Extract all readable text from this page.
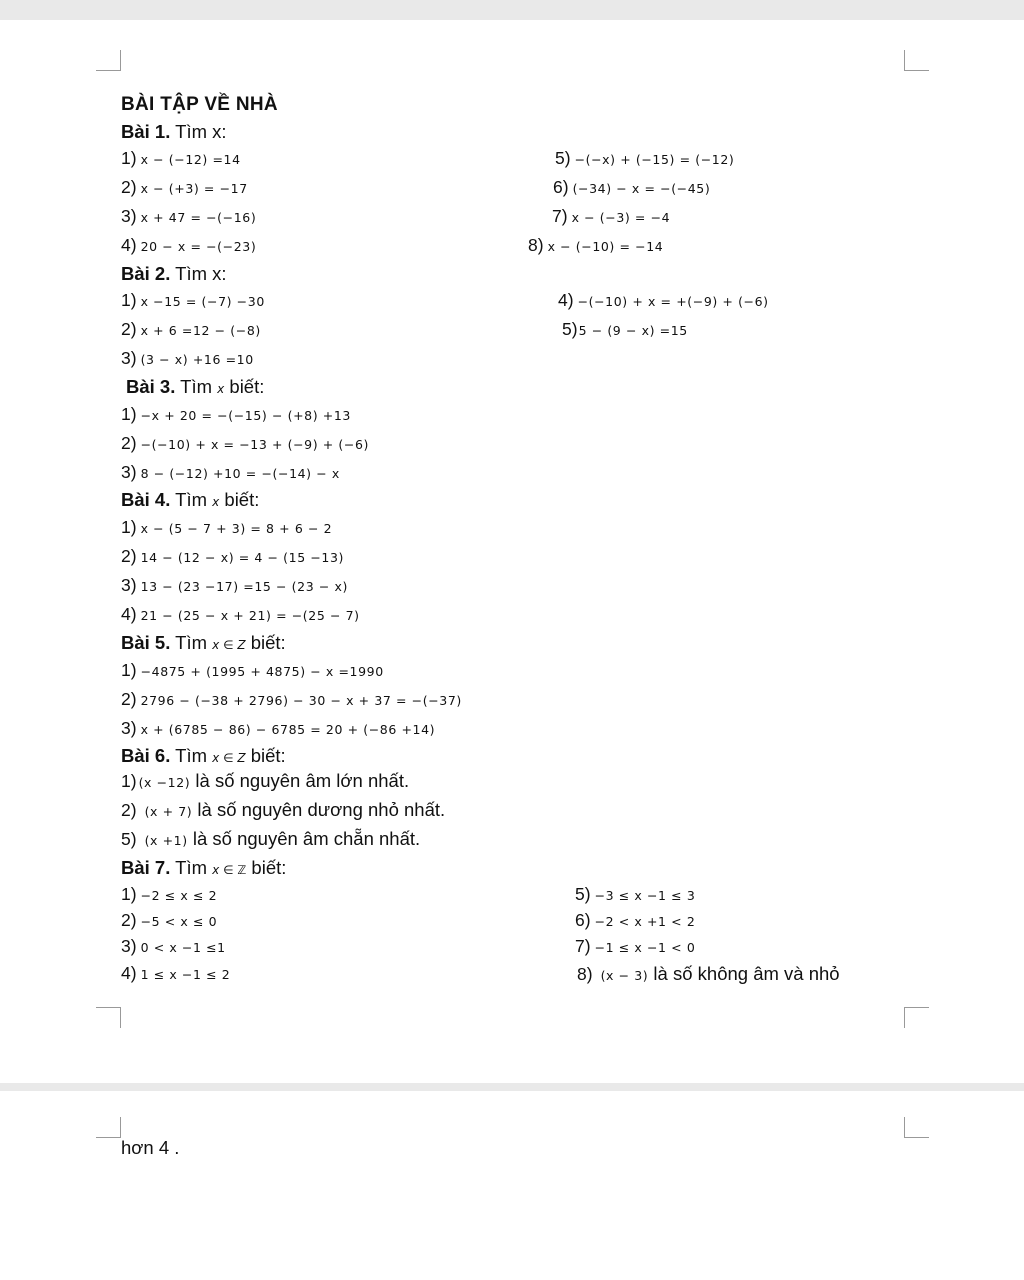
BÀI TẬP VỀ NHÀ
Bài 1. Tìm x:
1) x − (−12) =14
2) x − (+3) = −17
3) x + 47 = −(−16)
4) 20 − x = −(−23)
5) −(−x) + (−15) = (−12)
6) (−34) − x = −(−45)
7) x − (−3) = −4
8) x − (−10) = −14
Bài 2. Tìm x:
1) x −15 = (−7) −30
2) x + 6 =12 − (−8)
3) (3 − x) +16 =10
4) −(−10) + x = +(−9) + (−6)
5)5 − (9 − x) =15
Bài 3. Tìm x biết:
1) −x + 20 = −(−15) − (+8) +13
2) −(−10) + x = −13 + (−9) + (−6)
3) 8 − (−12) +10 = −(−14) − x
Bài 4. Tìm x biết:
1) x − (5 − 7 + 3) = 8 + 6 − 2
2) 14 − (12 − x) = 4 − (15 −13)
3) 13 − (23 −17) =15 − (23 − x)
4) 21 − (25 − x + 21) = −(25 − 7)
Bài 5. Tìm x ∈ Z biết:
1) −4875 + (1995 + 4875) − x =1990
2) 2796 − (−38 + 2796) − 30 − x + 37 = −(−37)
3) x + (6785 − 86) − 6785 = 20 + (−86 +14)
Bài 6. Tìm x ∈ Z biết:
1) (x −12) là số nguyên âm lớn nhất.
2) (x + 7) là số nguyên dương nhỏ nhất.
5) (x +1) là số nguyên âm chẵn nhất.
Bài 7. Tìm x ∈ ℤ biết:
1) −2 ≤ x ≤ 2
2) −5 < x ≤ 0
3) 0 < x −1 ≤1
4) 1 ≤ x −1 ≤ 2
5) −3 ≤ x −1 ≤ 3
6) −2 < x +1 < 2
7) −1 ≤ x −1 < 0
8) (x − 3) là số không âm và nhỏ
hơn 4 .
